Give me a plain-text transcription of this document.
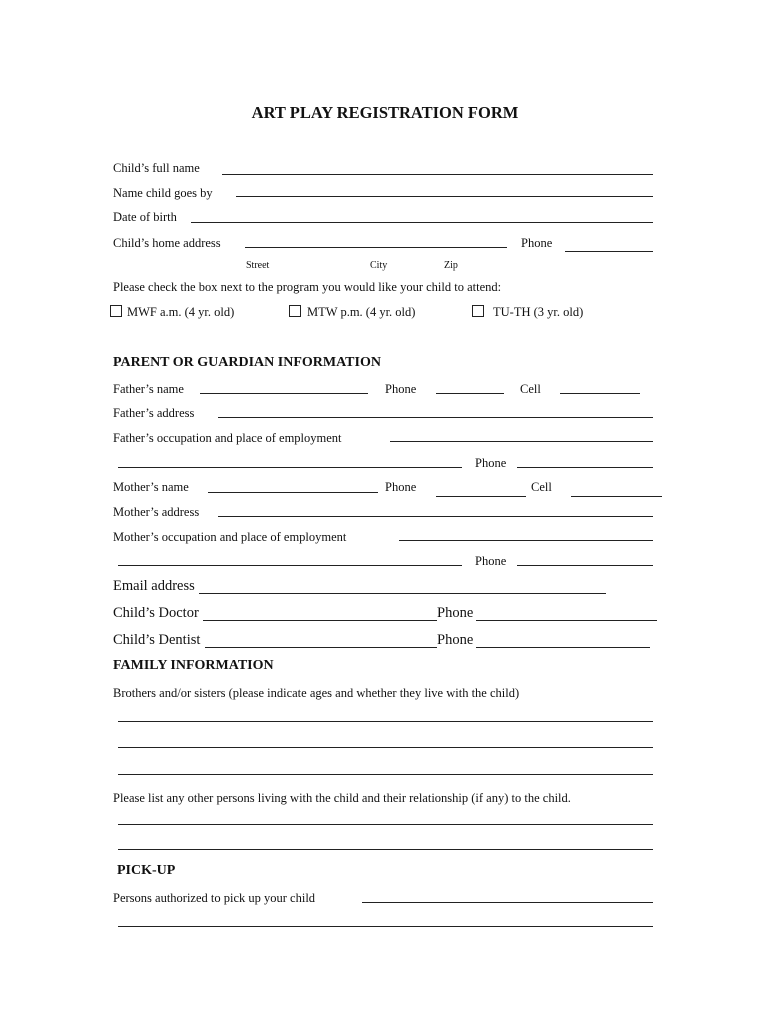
ART PLAY REGISTRATION FORM
Child’s full name
Name child goes by
Date of birth
Child’s home address	Phone
Street	City	Zip
Please check the box next to the program you would like your child to attend:
MWF a.m. (4 yr. old)	MTW p.m. (4 yr. old)	TU-TH (3 yr. old)
PARENT OR GUARDIAN INFORMATION
Father’s name	Phone	Cell
Father’s address
Father’s occupation and place of employment
Phone
Mother’s name	Phone	Cell
Mother’s address
Mother’s occupation and place of employment
Phone
Email address
Child’s Doctor	Phone
Child’s Dentist	Phone
FAMILY INFORMATION
Brothers and/or sisters (please indicate ages and whether they live with the child)
Please list any other persons living with the child and their relationship (if any) to the child.
PICK-UP
Persons authorized to pick up your child
